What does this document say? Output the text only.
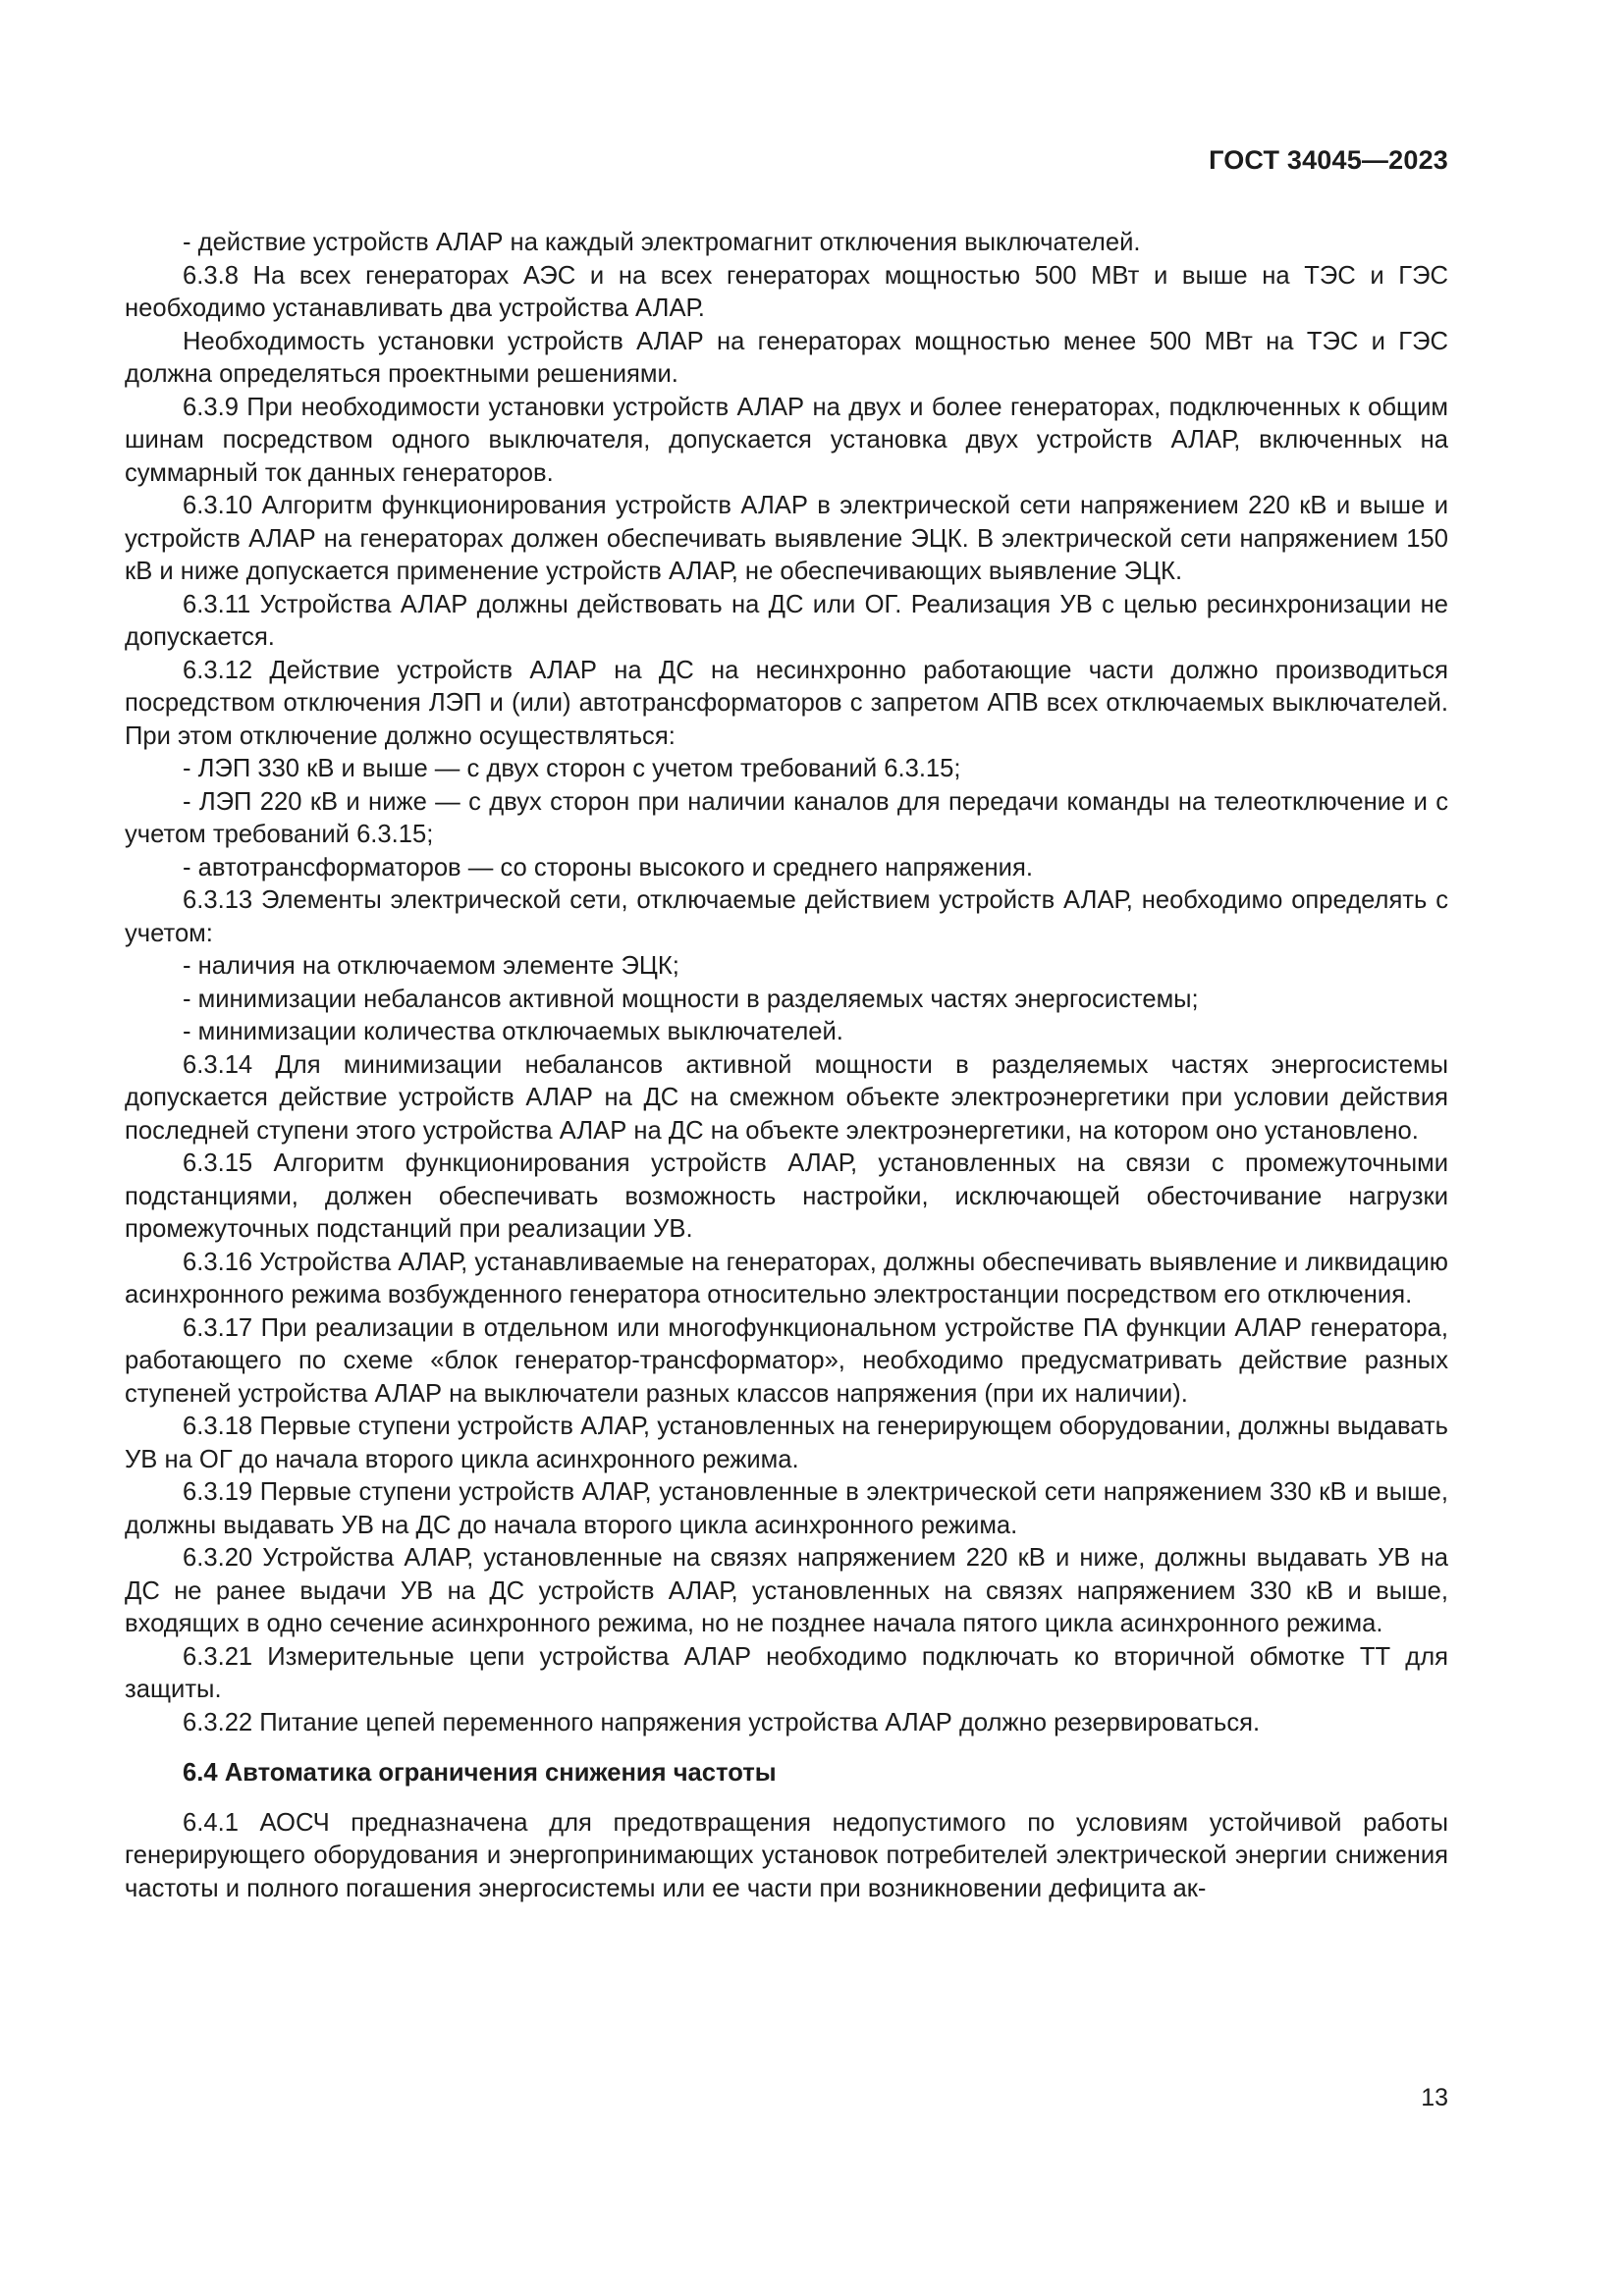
ГОСТ 34045—2023

- действие устройств АЛАР на каждый электромагнит отключения выключателей.

6.3.8 На всех генераторах АЭС и на всех генераторах мощностью 500 МВт и выше на ТЭС и ГЭС необходимо устанавливать два устройства АЛАР.

Необходимость установки устройств АЛАР на генераторах мощностью менее 500 МВт на ТЭС и ГЭС должна определяться проектными решениями.

6.3.9 При необходимости установки устройств АЛАР на двух и более генераторах, подключенных к общим шинам посредством одного выключателя, допускается установка двух устройств АЛАР, включенных на суммарный ток данных генераторов.

6.3.10 Алгоритм функционирования устройств АЛАР в электрической сети напряжением 220 кВ и выше и устройств АЛАР на генераторах должен обеспечивать выявление ЭЦК. В электрической сети напряжением 150 кВ и ниже допускается применение устройств АЛАР, не обеспечивающих выявление ЭЦК.

6.3.11 Устройства АЛАР должны действовать на ДС или ОГ. Реализация УВ с целью ресинхронизации не допускается.

6.3.12 Действие устройств АЛАР на ДС на несинхронно работающие части должно производиться посредством отключения ЛЭП и (или) автотрансформаторов с запретом АПВ всех отключаемых выключателей. При этом отключение должно осуществляться:

- ЛЭП 330 кВ и выше — с двух сторон с учетом требований 6.3.15;

- ЛЭП 220 кВ и ниже — с двух сторон при наличии каналов для передачи команды на телеотключение и с учетом требований 6.3.15;

- автотрансформаторов — со стороны высокого и среднего напряжения.

6.3.13 Элементы электрической сети, отключаемые действием устройств АЛАР, необходимо определять с учетом:

- наличия на отключаемом элементе ЭЦК;

- минимизации небалансов активной мощности в разделяемых частях энергосистемы;

- минимизации количества отключаемых выключателей.

6.3.14 Для минимизации небалансов активной мощности в разделяемых частях энергосистемы допускается действие устройств АЛАР на ДС на смежном объекте электроэнергетики при условии действия последней ступени этого устройства АЛАР на ДС на объекте электроэнергетики, на котором оно установлено.

6.3.15 Алгоритм функционирования устройств АЛАР, установленных на связи с промежуточными подстанциями, должен обеспечивать возможность настройки, исключающей обесточивание нагрузки промежуточных подстанций при реализации УВ.

6.3.16 Устройства АЛАР, устанавливаемые на генераторах, должны обеспечивать выявление и ликвидацию асинхронного режима возбужденного генератора относительно электростанции посредством его отключения.

6.3.17 При реализации в отдельном или многофункциональном устройстве ПА функции АЛАР генератора, работающего по схеме «блок генератор-трансформатор», необходимо предусматривать действие разных ступеней устройства АЛАР на выключатели разных классов напряжения (при их наличии).

6.3.18 Первые ступени устройств АЛАР, установленных на генерирующем оборудовании, должны выдавать УВ на ОГ до начала второго цикла асинхронного режима.

6.3.19 Первые ступени устройств АЛАР, установленные в электрической сети напряжением 330 кВ и выше, должны выдавать УВ на ДС до начала второго цикла асинхронного режима.

6.3.20 Устройства АЛАР, установленные на связях напряжением 220 кВ и ниже, должны выдавать УВ на ДС не ранее выдачи УВ на ДС устройств АЛАР, установленных на связях напряжением 330 кВ и выше, входящих в одно сечение асинхронного режима, но не позднее начала пятого цикла асинхронного режима.

6.3.21 Измерительные цепи устройства АЛАР необходимо подключать ко вторичной обмотке ТТ для защиты.

6.3.22 Питание цепей переменного напряжения устройства АЛАР должно резервироваться.

6.4 Автоматика ограничения снижения частоты

6.4.1 АОСЧ предназначена для предотвращения недопустимого по условиям устойчивой работы генерирующего оборудования и энергопринимающих установок потребителей электрической энергии снижения частоты и полного погашения энергосистемы или ее части при возникновении дефицита ак-

13
